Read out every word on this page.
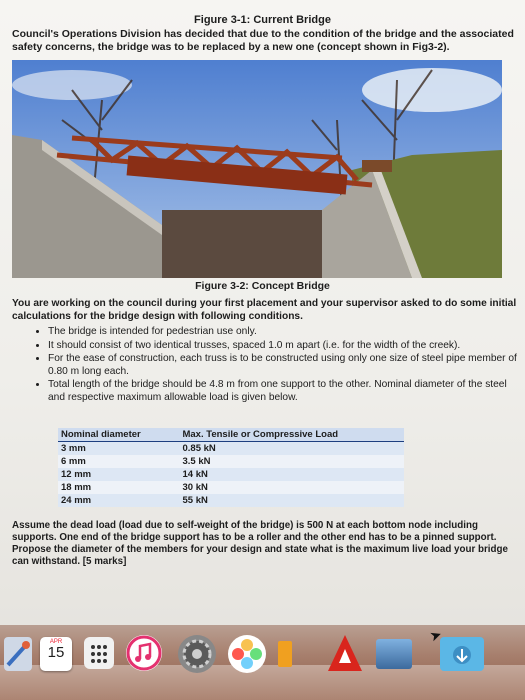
Figure 3-1: Current Bridge
Council's Operations Division has decided that due to the condition of the bridge and the associated safety concerns, the bridge was to be replaced by a new one (concept shown in Fig3-2).
Figure 3-2: Concept Bridge

You are working on the council during your first placement and your supervisor asked to do some initial calculations for the bridge design with following conditions.

• The bridge is intended for pedestrian use only.
• It should consist of two identical trusses, spaced 1.0 m apart (i.e. for the width of the creek).
• For the ease of construction, each truss is to be constructed using only one size of steel pipe member of 0.80 m long each.
• Total length of the bridge should be 4.8 m from one support to the other. Nominal diameter of the steel and respective maximum allowable load is given below.
Nominal diameter	Max. Tensile or Compressive Load
3 mm	0.85 kN
6 mm	3.5 kN
12 mm	14 kN
18 mm	30 kN
24 mm	55 kN
Assume the dead load (load due to self-weight of the bridge) is 500 N at each bottom node including supports. One end of the bridge support has to be a roller and the other end has to be a pinned support. Propose the diameter of the members for your design and state what is the maximum live load your bridge can withstand. [5 marks]
APR
15
➤
